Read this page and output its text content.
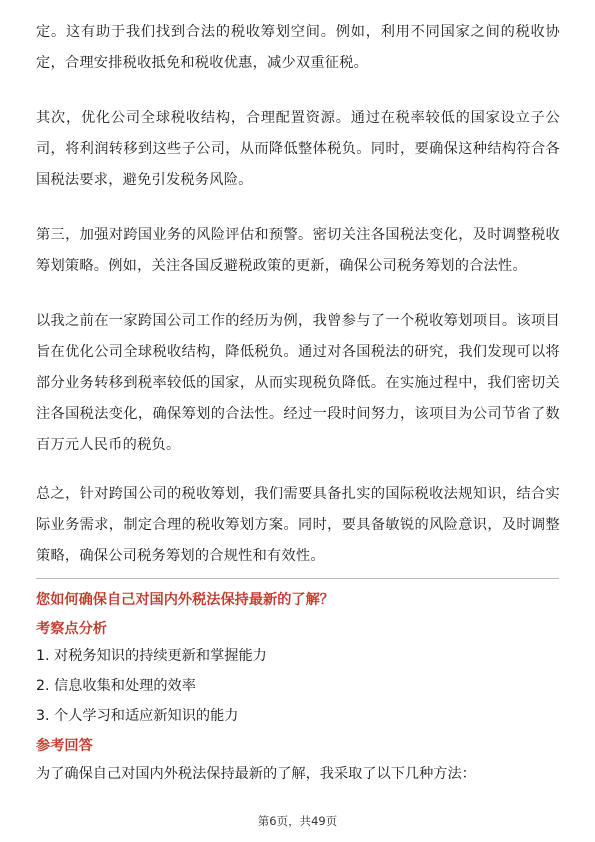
定。这有助于我们找到合法的税收筹划空间。例如，利用不同国家之间的税收协定，合理安排税收抵免和税收优惠，减少双重征税。

其次，优化公司全球税收结构，合理配置资源。通过在税率较低的国家设立子公司，将利润转移到这些子公司，从而降低整体税负。同时，要确保这种结构符合各国税法要求，避免引发税务风险。

第三，加强对跨国业务的风险评估和预警。密切关注各国税法变化，及时调整税收筹划策略。例如，关注各国反避税政策的更新，确保公司税务筹划的合法性。

以我之前在一家跨国公司工作的经历为例，我曾参与了一个税收筹划项目。该项目旨在优化公司全球税收结构，降低税负。通过对各国税法的研究，我们发现可以将部分业务转移到税率较低的国家，从而实现税负降低。在实施过程中，我们密切关注各国税法变化，确保筹划的合法性。经过一段时间努力，该项目为公司节省了数百万元人民币的税负。

总之，针对跨国公司的税收筹划，我们需要具备扎实的国际税收法规知识，结合实际业务需求，制定合理的税收筹划方案。同时，要具备敏锐的风险意识，及时调整策略，确保公司税务筹划的合规性和有效性。

您如何确保自己对国内外税法保持最新的了解？

考察点分析

1. 对税务知识的持续更新和掌握能力
2. 信息收集和处理的效率
3. 个人学习和适应新知识的能力

参考回答

为了确保自己对国内外税法保持最新的了解，我采取了以下几种方法：

第6页，共49页
